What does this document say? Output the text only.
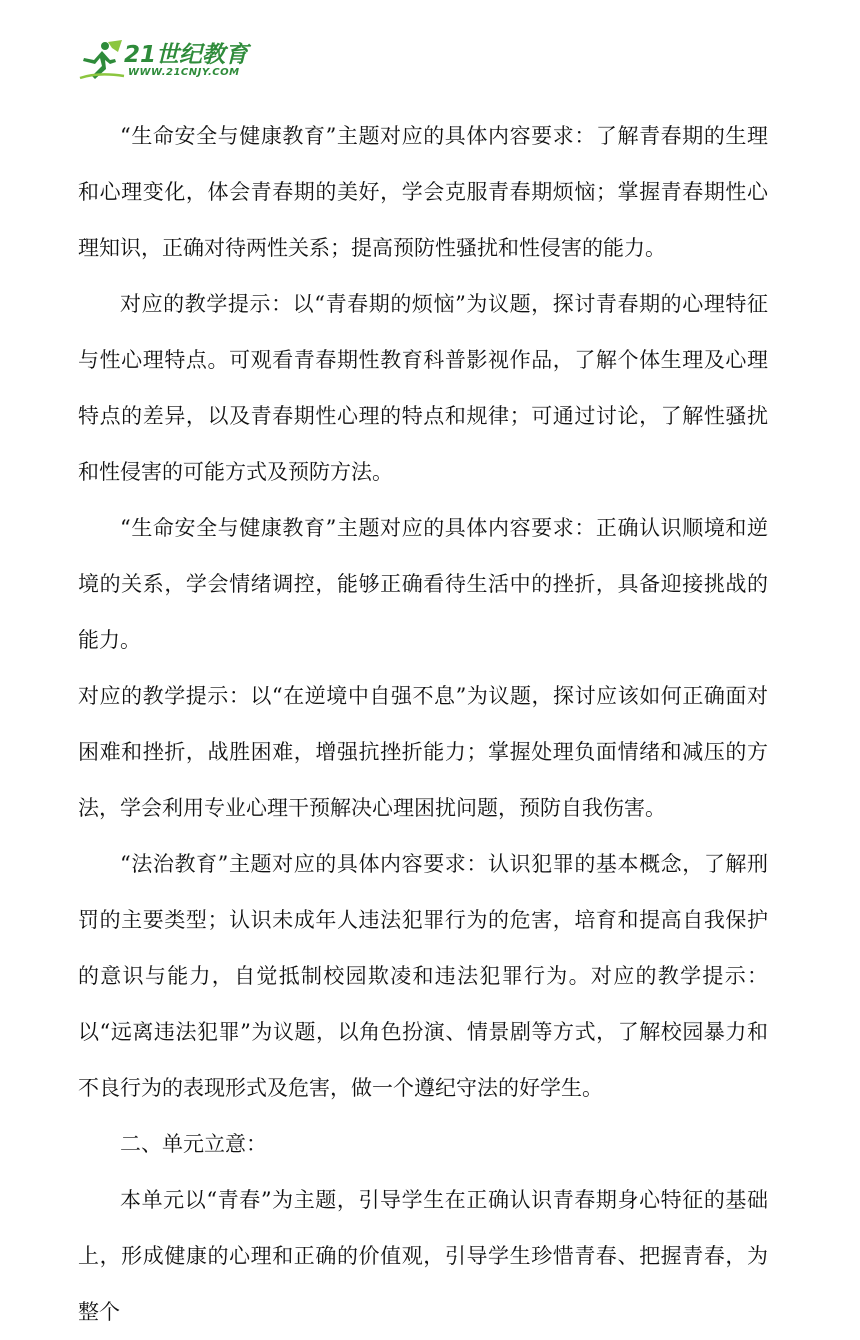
21世纪教育
WWW.21CNJY.COM

“生命安全与健康教育”主题对应的具体内容要求：了解青春期的生理和心理变化，体会青春期的美好，学会克服青春期烦恼；掌握青春期性心理知识，正确对待两性关系；提高预防性骚扰和性侵害的能力。

对应的教学提示：以“青春期的烦恼”为议题，探讨青春期的心理特征与性心理特点。可观看青春期性教育科普影视作品，了解个体生理及心理特点的差异，以及青春期性心理的特点和规律；可通过讨论，了解性骚扰和性侵害的可能方式及预防方法。

“生命安全与健康教育”主题对应的具体内容要求：正确认识顺境和逆境的关系，学会情绪调控，能够正确看待生活中的挫折，具备迎接挑战的能力。

对应的教学提示：以“在逆境中自强不息”为议题，探讨应该如何正确面对困难和挫折，战胜困难，增强抗挫折能力；掌握处理负面情绪和减压的方法，学会利用专业心理干预解决心理困扰问题，预防自我伤害。

“法治教育”主题对应的具体内容要求：认识犯罪的基本概念，了解刑罚的主要类型；认识未成年人违法犯罪行为的危害，培育和提高自我保护的意识与能力，自觉抵制校园欺凌和违法犯罪行为。对应的教学提示：以“远离违法犯罪”为议题，以角色扮演、情景剧等方式，了解校园暴力和不良行为的表现形式及危害，做一个遵纪守法的好学生。

二、单元立意：

本单元以“青春”为主题，引导学生在正确认识青春期身心特征的基础上，形成健康的心理和正确的价值观，引导学生珍惜青春、把握青春，为整个
